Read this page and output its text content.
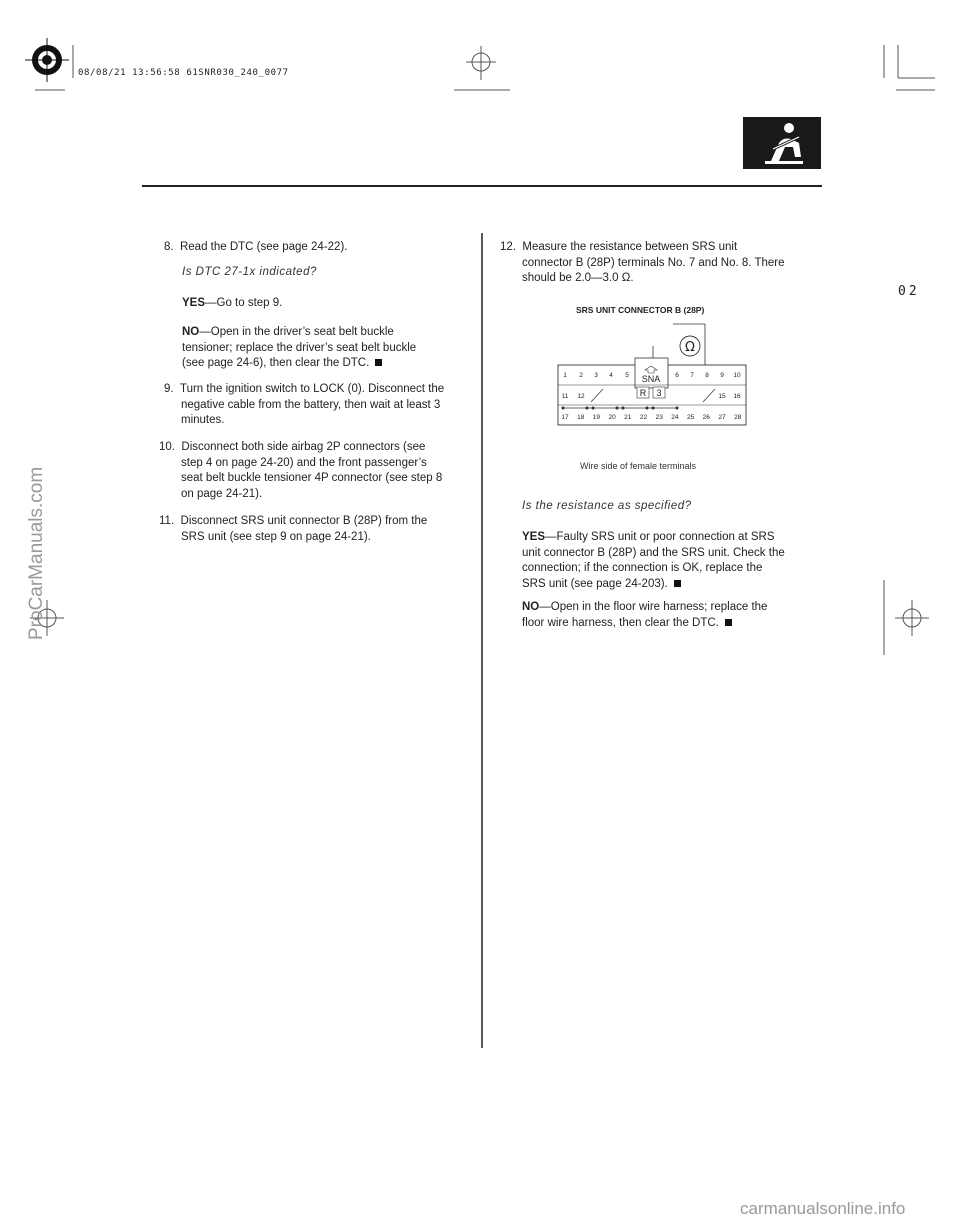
08/08/21 13:56:58 61SNR030_240_0077
02
8. Read the DTC (see page 24-22).
Is DTC 27-1x indicated?
YES—Go to step 9.
NO—Open in the driver’s seat belt buckle
tensioner; replace the driver’s seat belt buckle
(see page 24-6), then clear the DTC.
9. Turn the ignition switch to LOCK (0). Disconnect the
negative cable from the battery, then wait at least 3
minutes.
10. Disconnect both side airbag 2P connectors (see
step 4 on page 24-20) and the front passenger’s
seat belt buckle tensioner 4P connector (see step 8
on page 24-21).
11. Disconnect SRS unit connector B (28P) from the
SRS unit (see step 9 on page 24-21).
12. Measure the resistance between SRS unit
connector B (28P) terminals No. 7 and No. 8. There
should be 2.0—3.0 Ω.
SRS UNIT CONNECTOR B (28P)
Ω
SNA
R 3
1 2 3 4 5	6 7 8 9 10
11 12	15 16
17 18 19 20 21 22 23 24 25 26 27 28
Wire side of female terminals
Is the resistance as specified?
YES—Faulty SRS unit or poor connection at SRS
unit connector B (28P) and the SRS unit. Check the
connection; if the connection is OK, replace the
SRS unit (see page 24-203).
NO—Open in the floor wire harness; replace the
floor wire harness, then clear the DTC.
ProCarManuals.com
carmanualsonline.info
